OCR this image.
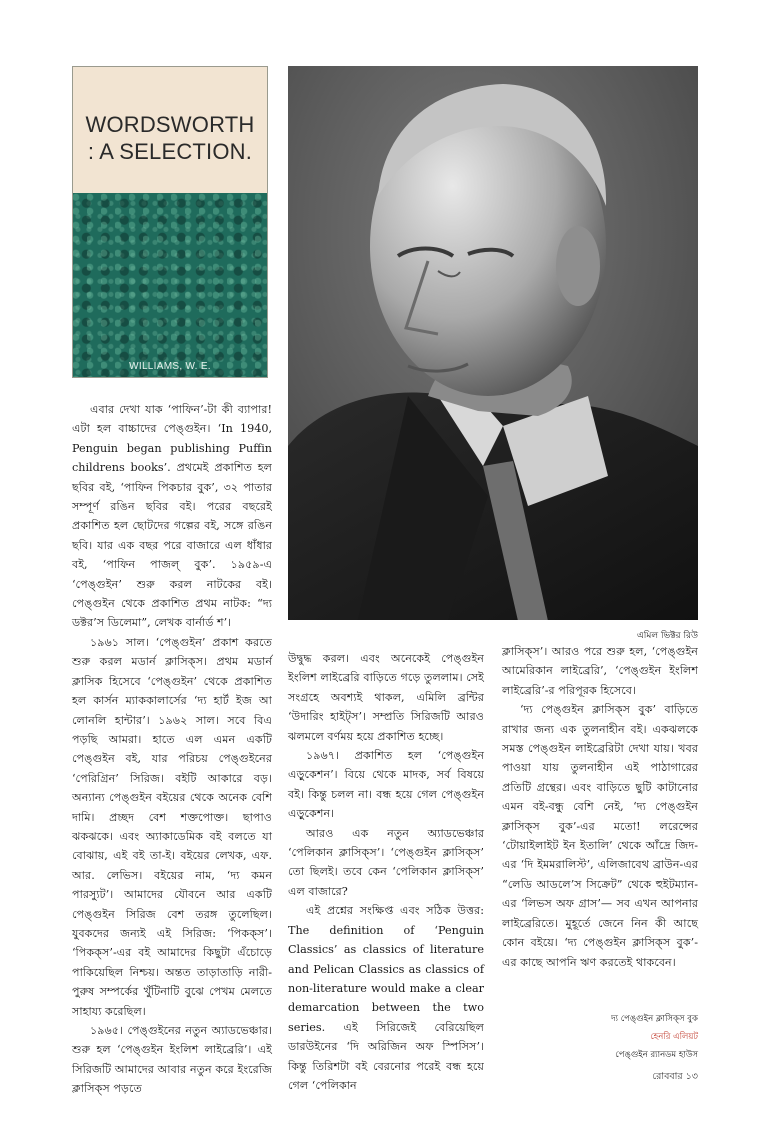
WORDSWORTH : A SELECTION.
WILLIAMS, W. E.
এমিল ভিক্টর রিউ

এবার দেখা যাক ‘পাফিন’-টা কী ব্যাপার! এটা হল বাচ্চাদের পেঙ্গুইন। ‘In 1940, Penguin began publishing Puffin childrens books’. প্রথমেই প্রকাশিত হল ছবির বই, ‘পাফিন পিকচার বুক’, ৩২ পাতার সম্পূর্ণ রঙিন ছবির বই। পরের বছরেই প্রকাশিত হল ছোটদের গল্পের বই, সঙ্গে রঙিন ছবি। যার এক বছর পরে বাজারে এল ধাঁধার বই, ‘পাফিন পাজল্ বুক’. ১৯৫৯-এ ‘পেঙ্গুইন’ শুরু করল নাটকের বই। পেঙ্গুইন থেকে প্রকাশিত প্রথম নাটক: “দ্য ডক্টর’স ডিলেমা”, লেখক বার্নার্ড শ’।

১৯৬১ সাল। ‘পেঙ্গুইন’ প্রকাশ করতে শুরু করল মডার্ন ক্লাসিক্‌স। প্রথম মডার্ন ক্লাসিক হিসেবে ‘পেঙ্গুইন’ থেকে প্রকাশিত হল কার্সন ম্যাককালার্সের ‘দ্য হার্ট ইজ আ লোনলি হান্টার’। ১৯৬২ সাল। সবে বিএ পড়ছি আমরা। হাতে এল এমন একটি পেঙ্গুইন বই, যার পরিচয় পেঙ্গুইনের ‘পেরিগ্রিন’ সিরিজ। বইটি আকারে বড়। অন্যান্য পেঙ্গুইন বইয়ের থেকে অনেক বেশি দামি। প্রচ্ছদ বেশ শক্তপোক্ত। ছাপাও ঝকঝকে। এবং অ্যাকাডেমিক বই বলতে যা বোঝায়, এই বই তা-ই। বইয়ের লেখক, এফ. আর. লেভিস। বইয়ের নাম, ‘দ্য কমন পারস্যুট’। আমাদের যৌবনে আর একটি পেঙ্গুইন সিরিজ বেশ তরঙ্গ তুলেছিল। যুবকদের জন্যই এই সিরিজ: ‘পিকক্‌স’। ‘পিকক্‌স’-এর বই আমাদের কিছুটা এঁচোড়ে পাকিয়েছিল নিশ্চয়। অন্তত তাড়াতাড়ি নারী-পুরুষ সম্পর্কের খুঁটিনাটি বুঝে পেখম মেলতে সাহায্য করেছিল।

১৯৬৫। পেঙ্গুইনের নতুন অ্যাডভেঞ্চার। শুরু হল ‘পেঙ্গুইন ইংলিশ লাইব্রেরি’। এই সিরিজটি আমাদের আবার নতুন করে ইংরেজি ক্লাসিক্‌স পড়তে

উদ্বুদ্ধ করল। এবং অনেকেই পেঙ্গুইন ইংলিশ লাইব্রেরি বাড়িতে গড়ে তুললাম। সেই সংগ্রহে অবশ্যই থাকল, এমিলি ব্রন্টির ‘উদারিং হাইট্‌স’। সম্প্রতি সিরিজটি আরও ঝলমলে বর্ণময় হয়ে প্রকাশিত হচ্ছে।

১৯৬৭। প্রকাশিত হল ‘পেঙ্গুইন এড়ুকেশন’। বিয়ে থেকে মাদক, সর্ব বিষয়ে বই। কিন্তু চলল না। বন্ধ হয়ে গেল পেঙ্গুইন এড়ুকেশন।

আরও এক নতুন অ্যাডভেঞ্চার ‘পেলিকান ক্লাসিক্‌স’। ‘পেঙ্গুইন ক্লাসিক্‌স’ তো ছিলই। তবে কেন ‘পেলিকান ক্লাসিক্‌স’ এল বাজারে?

এই প্রশ্নের সংক্ষিপ্ত এবং সঠিক উত্তর: The definition of ‘Penguin Classics’ as classics of literature and Pelican Classics as classics of non-literature would make a clear demarcation between the two series. এই সিরিজেই বেরিয়েছিল ডারউইনের ‘দি অরিজিন অফ স্পিসিস’। কিন্তু তিরিশটা বই বেরনোর পরেই বন্ধ হয়ে গেল ‘পেলিকান

ক্লাসিক্‌স’। আরও পরে শুরু হল, ‘পেঙ্গুইন আমেরিকান লাইব্রেরি’, ‘পেঙ্গুইন ইংলিশ লাইব্রেরি’-র পরিপূরক হিসেবে।

‘দ্য পেঙ্গুইন ক্লাসিক্‌স বুক’ বাড়িতে রাখার জন্য এক তুলনাহীন বই। একঝলকে সমস্ত পেঙ্গুইন লাইব্রেরিটা দেখা যায়। খবর পাওয়া যায় তুলনাহীন এই পাঠাগারের প্রতিটি গ্রন্থের। এবং বাড়িতে ছুটি কাটানোর এমন বই-বন্ধু বেশি নেই, ‘দ্য পেঙ্গুইন ক্লাসিক্‌স বুক’-এর মতো! লরেন্সের ‘টোয়াইলাইট ইন ইতালি’ থেকে আঁদ্রে জিদ-এর ‘দি ইমমরালিস্ট’, এলিজাবেথ ব্রাউন-এর “লেডি আডলে’স সিক্রেট” থেকে হুইটম্যান-এর ‘লিভস অফ গ্রাস’— সব এখন আপনার লাইব্রেরিতে। মুহূর্তে জেনে নিন কী আছে কোন বইয়ে। ‘দ্য পেঙ্গুইন ক্লাসিক্‌স বুক’-এর কাছে আপনি ঋণ করতেই থাকবেন।

দ্য পেঙ্গুইন ক্লাসিক্‌স বুক
হেনরি এলিয়ট
পেঙ্গুইন র‍্যানডম হাউস
রোববার ১৩
